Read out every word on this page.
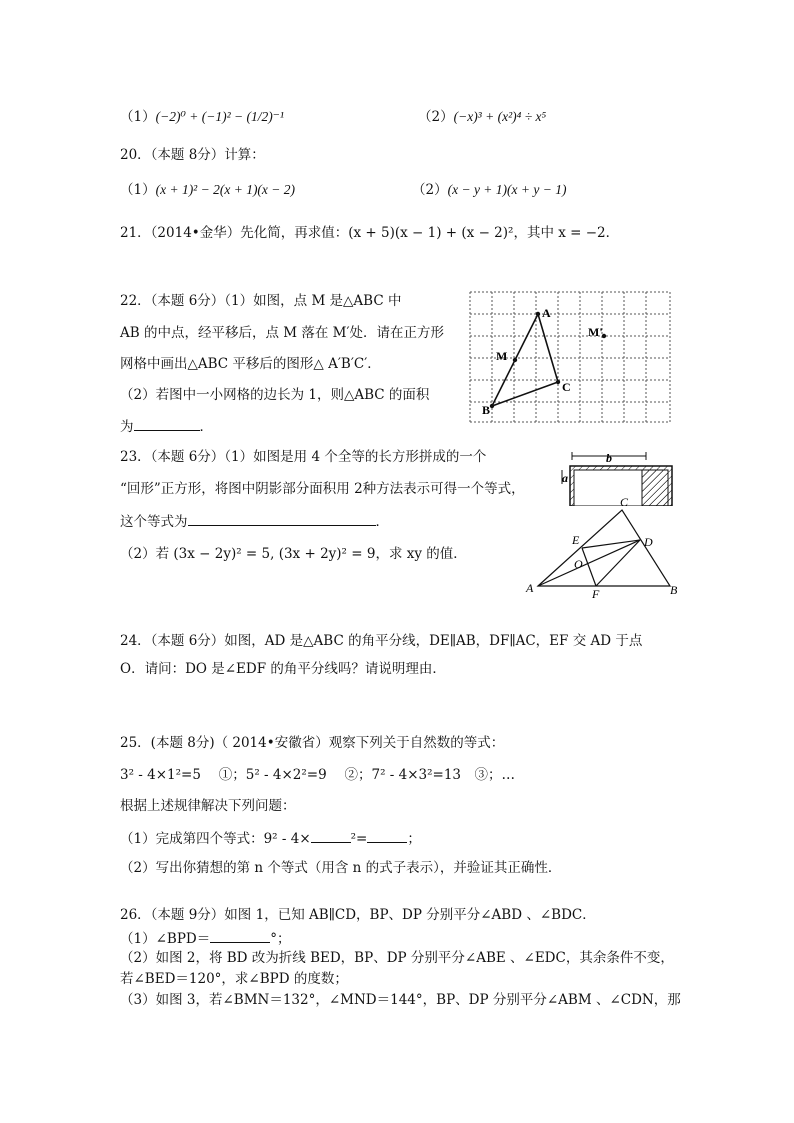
（1）(−2)⁰ + (−1)² − (1/2)⁻¹	（2）(−x)³ + (x²)⁴ ÷ x⁵
20．（本题 8分）计算：
（1）(x + 1)² − 2(x + 1)(x − 2)	（2）(x − y + 1)(x + y − 1)
21．（2014•金华）先化简，再求值：(x + 5)(x − 1) + (x − 2)²，其中 x = −2．
22．（本题 6分）（1）如图，点 M 是△ABC 中
AB 的中点，经平移后，点 M 落在 M′处．请在正方形
网格中画出△ABC 平移后的图形△ A′B′C′．
（2）若图中一小网格的边长为 1，则△ABC 的面积
为	．
A
M
B
C
M'
23．（本题 6分）（1）如图是用 4 个全等的长方形拼成的一个
“回形”正方形，将图中阴影部分面积用 2种方法表示可得一个等式，
这个等式为	．
（2）若 (3x − 2y)² = 5, (3x + 2y)² = 9，求 xy 的值．
b
a
C
D
E
O
A	F	B
24．（本题 6分）如图，AD 是△ABC 的角平分线，DE∥AB，DF∥AC，EF 交 AD 于点
O．请问：DO 是∠EDF 的角平分线吗？请说明理由．
25．(本题 8分)（ 2014•安徽省）观察下列关于自然数的等式：
3² - 4×1²=5　 ①；5² - 4×2²=9　 ②；7² - 4×3²=13　③；…
根据上述规律解决下列问题：
（1）完成第四个等式：9² - 4×	²=	；
（2）写出你猜想的第 n 个等式（用含 n 的式子表示），并验证其正确性．
26．（本题 9分）如图 1，已知 AB∥CD，BP、DP 分别平分∠ABD 、∠BDC．
（1）∠BPD＝	°；
（2）如图 2，将 BD 改为折线 BED，BP、DP 分别平分∠ABE 、∠EDC，其余条件不变，
若∠BED＝120°，求∠BPD 的度数；
（3）如图 3，若∠BMN＝132°，∠MND＝144°，BP、DP 分别平分∠ABM 、∠CDN，那
